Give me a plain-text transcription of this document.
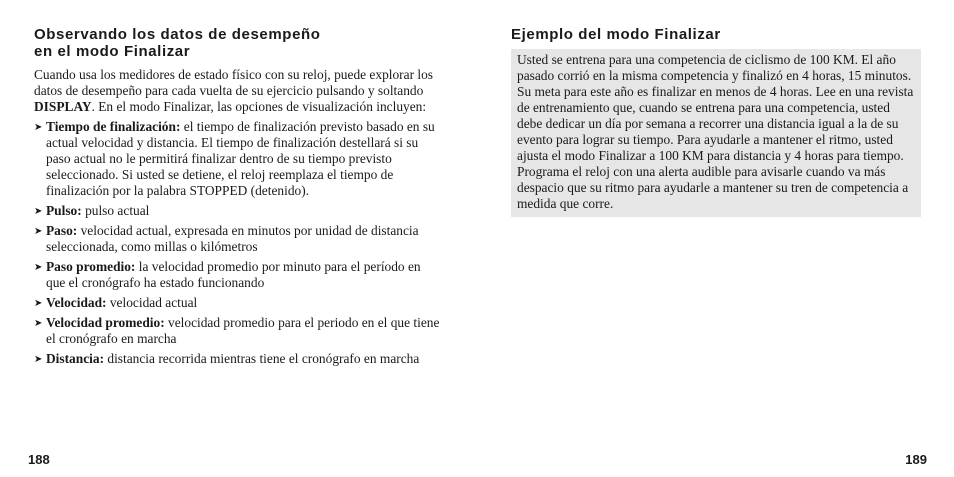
Observando los datos de desempeño
en el modo Finalizar

Cuando usa los medidores de estado físico con su reloj, puede explorar los datos de desempeño para cada vuelta de su ejercicio pulsando y soltando DISPLAY. En el modo Finalizar, las opciones de visualización incluyen:

➤ Tiempo de finalización: el tiempo de finalización previsto basado en su actual velocidad y distancia. El tiempo de finalización destellará si su paso actual no le permitirá finalizar dentro de su tiempo previsto seleccionado. Si usted se detiene, el reloj reemplaza el tiempo de finalización por la palabra STOPPED (detenido).
➤ Pulso: pulso actual
➤ Paso: velocidad actual, expresada en minutos por unidad de distancia seleccionada, como millas o kilómetros
➤ Paso promedio: la velocidad promedio por minuto para el período en que el cronógrafo ha estado funcionando
➤ Velocidad: velocidad actual
➤ Velocidad promedio: velocidad promedio para el periodo en el que tiene el cronógrafo en marcha
➤ Distancia: distancia recorrida mientras tiene el cronógrafo en marcha
Ejemplo del modo Finalizar

Usted se entrena para una competencia de ciclismo de 100 KM. El año pasado corrió en la misma competencia y finalizó en 4 horas, 15 minutos. Su meta para este año es finalizar en menos de 4 horas. Lee en una revista de entrenamiento que, cuando se entrena para una competencia, usted debe dedicar un día por semana a recorrer una distancia igual a la de su evento para lograr su tiempo. Para ayudarle a mantener el ritmo, usted ajusta el modo Finalizar a 100 KM para distancia y 4 horas para tiempo. Programa el reloj con una alerta audible para avisarle cuando va más despacio que su ritmo para ayudarle a mantener su tren de competencia a medida que corre.

188	189
